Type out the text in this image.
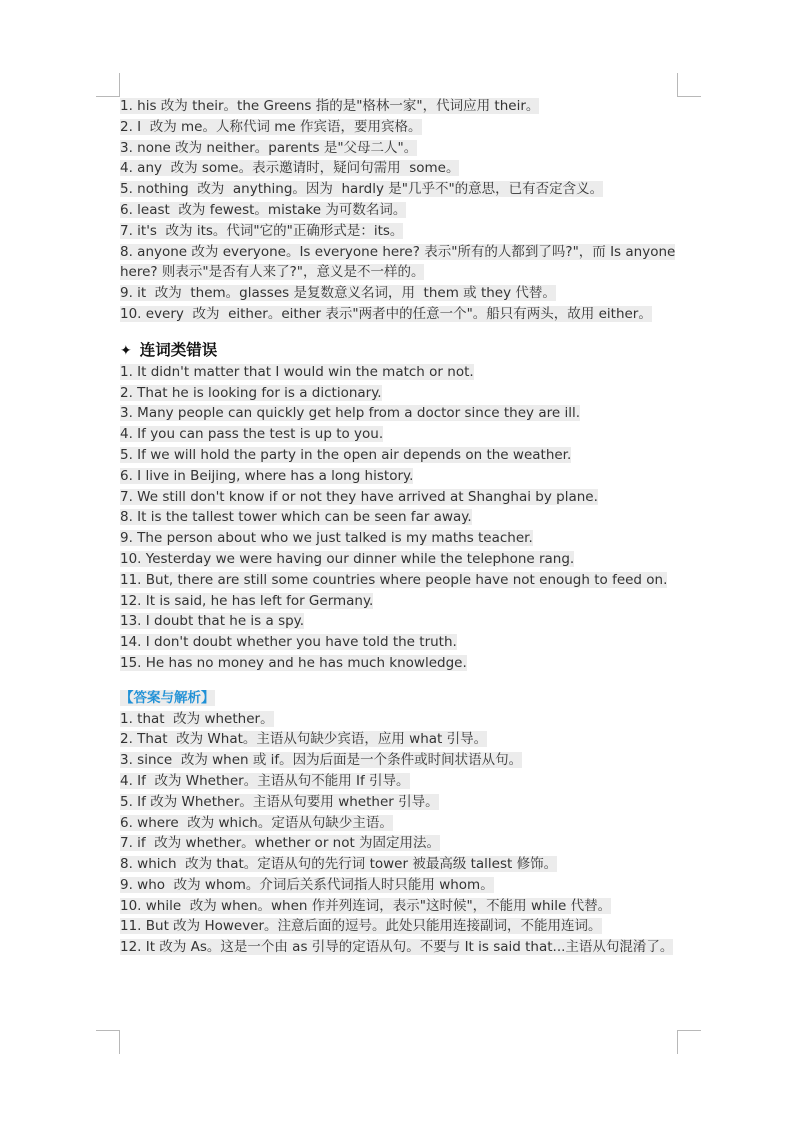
1. his 改为 their。the Greens 指的是"格林一家"，代词应用 their。

2. I  改为 me。人称代词 me 作宾语，要用宾格。

3. none 改为 neither。parents 是"父母二人"。

4. any  改为 some。表示邀请时，疑问句需用  some。

5. nothing  改为  anything。因为  hardly 是"几乎不"的意思，已有否定含义。

6. least  改为 fewest。mistake 为可数名词。

7. it's  改为 its。代词"它的"正确形式是：its。

8. anyone 改为 everyone。Is everyone here? 表示"所有的人都到了吗?"，而 Is anyone here? 则表示"是否有人来了?"，意义是不一样的。

9. it  改为  them。glasses 是复数意义名词，用  them 或 they 代替。

10. every  改为  either。either 表示"两者中的任意一个"。船只有两头，故用 either。

✦ 连词类错误

1. It didn't matter that I would win the match or not.

2. That he is looking for is a dictionary.

3. Many people can quickly get help from a doctor since they are ill.

4. If you can pass the test is up to you.

5. If we will hold the party in the open air depends on the weather.

6. I live in Beijing, where has a long history.

7. We still don't know if or not they have arrived at Shanghai by plane.

8. It is the tallest tower which can be seen far away.

9. The person about who we just talked is my maths teacher.

10. Yesterday we were having our dinner while the telephone rang.

11. But, there are still some countries where people have not enough to feed on.

12. It is said, he has left for Germany.

13. I doubt that he is a spy.

14. I don't doubt whether you have told the truth.

15. He has no money and he has much knowledge.

【答案与解析】

1. that  改为 whether。

2. That  改为 What。主语从句缺少宾语，应用 what 引导。

3. since  改为 when 或 if。因为后面是一个条件或时间状语从句。

4. If  改为 Whether。主语从句不能用 If 引导。

5. If 改为 Whether。主语从句要用 whether 引导。

6. where  改为 which。定语从句缺少主语。

7. if  改为 whether。whether or not 为固定用法。

8. which  改为 that。定语从句的先行词 tower 被最高级 tallest 修饰。

9. who  改为 whom。介词后关系代词指人时只能用 whom。

10. while  改为 when。when 作并列连词，表示"这时候"，不能用 while 代替。

11. But 改为 However。注意后面的逗号。此处只能用连接副词，不能用连词。

12. It 改为 As。这是一个由 as 引导的定语从句。不要与 It is said that...主语从句混淆了。
